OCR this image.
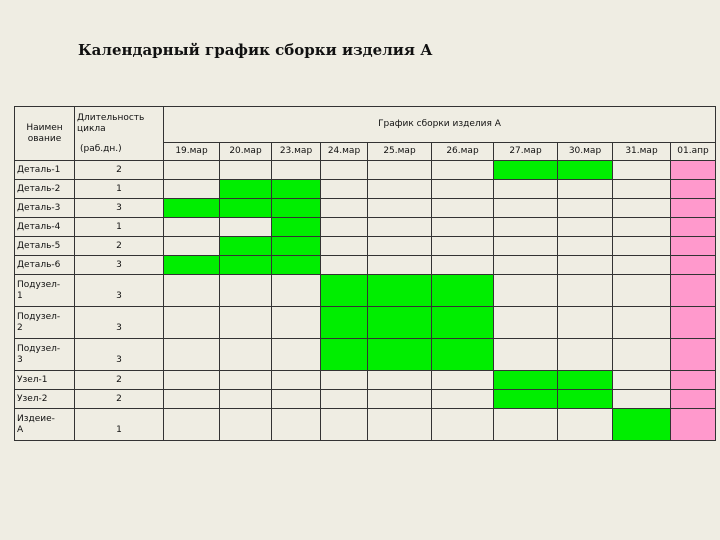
Календарный график сборки изделия А
Наимен
ование	Длительность
цикла
(раб.дн.)	График сборки изделия А									
		19.мар	20.мар	23.мар	24.мар	25.мар	26.мар	27.мар	30.мар	31.мар	01.апр
Деталь-1	2										
Деталь-2	1										
Деталь-3	3										
Деталь-4	1										
Деталь-5	2										
Деталь-6	3										
Подузел-
1	3										
Подузел-
2	3										
Подузел-
3	3										
Узел-1	2										
Узел-2	2										
Издеие-
А	1										
